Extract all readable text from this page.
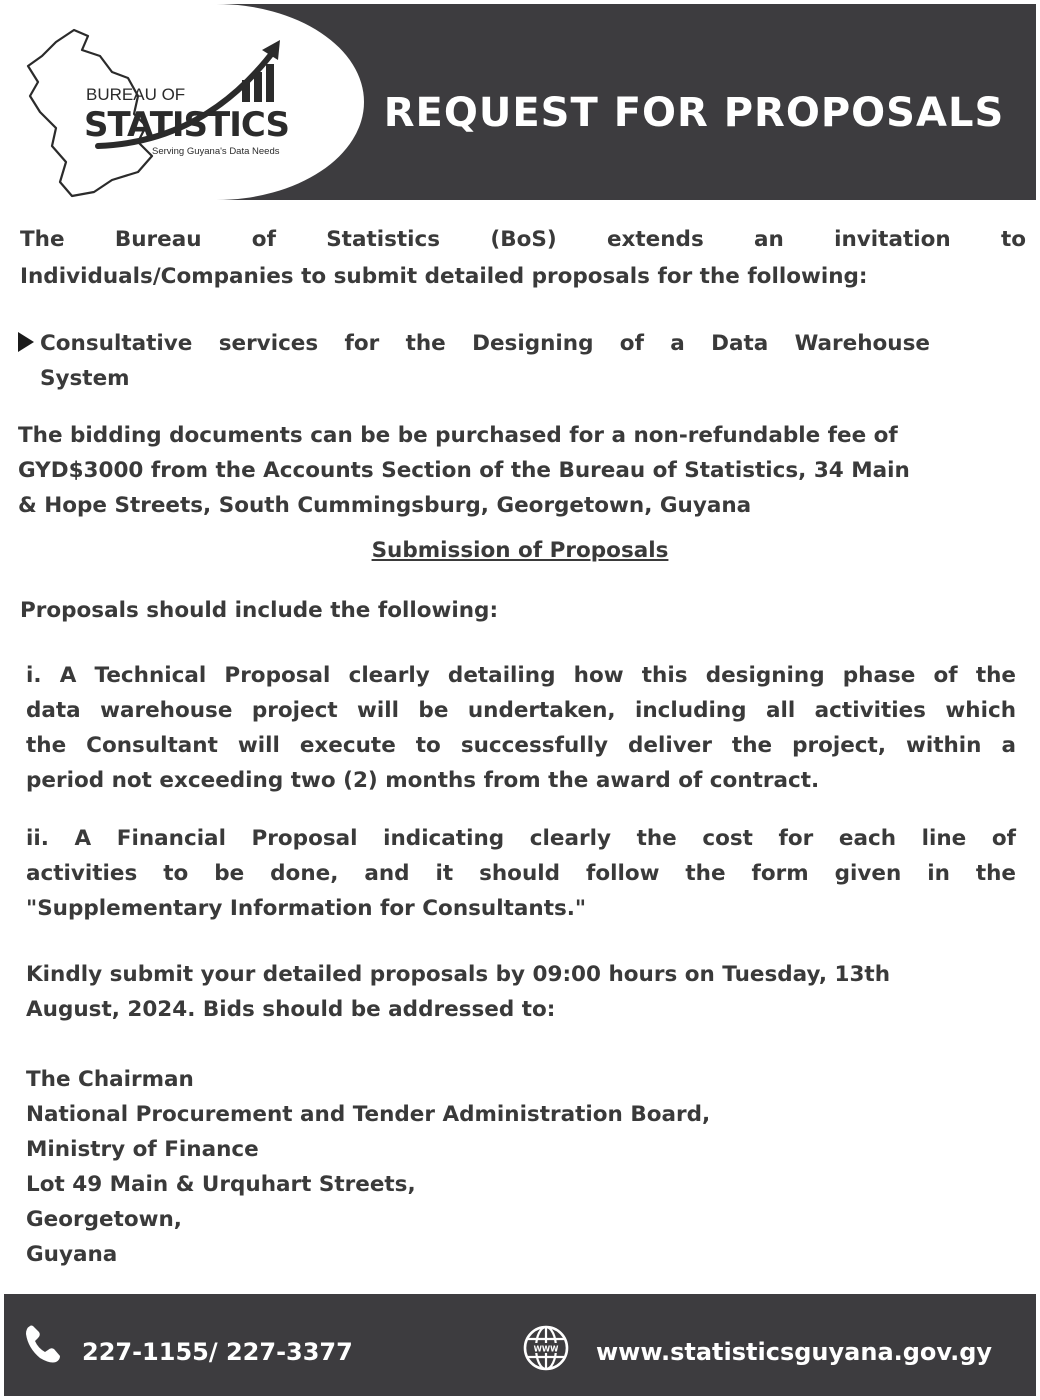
BUREAU OF
STATISTICS
Serving Guyana's Data Needs
REQUEST FOR PROPOSALS
The Bureau of Statistics (BoS) extends an invitation to
Individuals/Companies to submit detailed proposals for the following:
Consultative services for the Designing of a Data Warehouse
System
The bidding documents can be be purchased for a non-refundable fee of
GYD$3000 from the Accounts Section of the Bureau of Statistics, 34 Main
& Hope Streets, South Cummingsburg, Georgetown, Guyana
Submission of Proposals
Proposals should include the following:
i. A Technical Proposal clearly detailing how this designing phase of the
data warehouse project will be undertaken, including all activities which
the Consultant will execute to successfully deliver the project, within a
period not exceeding two (2) months from the award of contract.
ii. A Financial Proposal indicating clearly the cost for each line of
activities to be done, and it should follow the form given in the
"Supplementary Information for Consultants."
Kindly submit your detailed proposals by 09:00 hours on Tuesday, 13th
August, 2024. Bids should be addressed to:
The Chairman
National Procurement and Tender Administration Board,
Ministry of Finance
Lot 49 Main & Urquhart Streets,
Georgetown,
Guyana
227-1155/ 227-3377	WWW www.statisticsguyana.gov.gy
